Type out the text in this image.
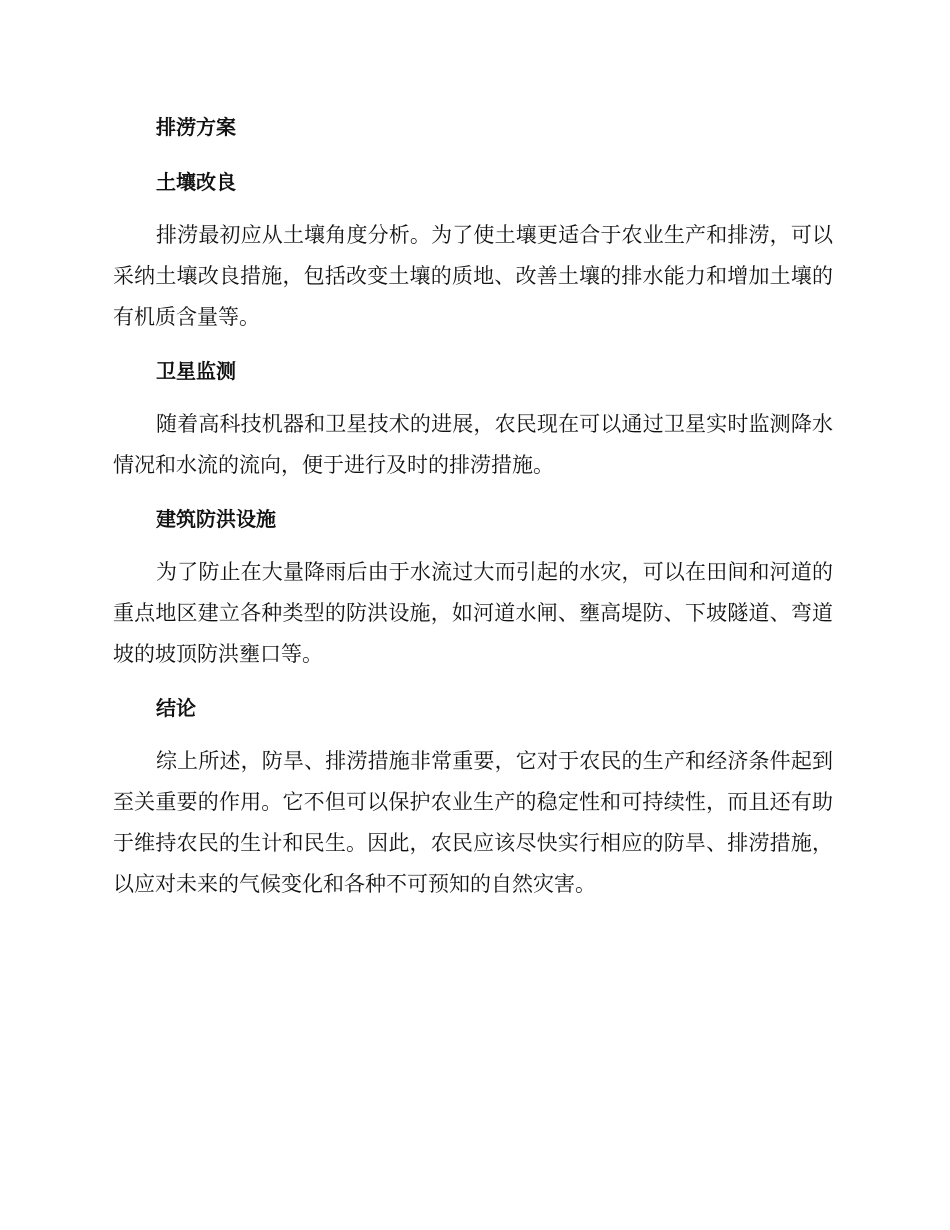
排涝方案
土壤改良

排涝最初应从土壤角度分析。为了使土壤更适合于农业生产和排涝，可以采纳土壤改良措施，包括改变土壤的质地、改善土壤的排水能力和增加土壤的有机质含量等。

卫星监测

随着高科技机器和卫星技术的进展，农民现在可以通过卫星实时监测降水情况和水流的流向，便于进行及时的排涝措施。

建筑防洪设施

为了防止在大量降雨后由于水流过大而引起的水灾，可以在田间和河道的重点地区建立各种类型的防洪设施，如河道水闸、壅高堤防、下坡隧道、弯道坡的坡顶防洪壅口等。

结论

综上所述，防旱、排涝措施非常重要，它对于农民的生产和经济条件起到至关重要的作用。它不但可以保护农业生产的稳定性和可持续性，而且还有助于维持农民的生计和民生。因此，农民应该尽快实行相应的防旱、排涝措施，以应对未来的气候变化和各种不可预知的自然灾害。
